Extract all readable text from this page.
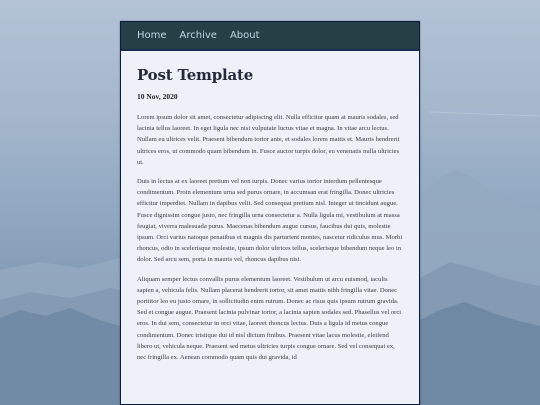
Home Archive About
Post Template
10 Nov, 2020

Lorem ipsum dolor sit amet, consectetur adipiscing elit. Nulla efficitur quam at mauris sodales, sed lacinia tellus laoreet. In eget ligula nec nisi vulputate luctus vitae et magna. In vitae arcu lectus. Nullam eu ultrices velit. Praesent bibendum tortor ante, et sodales lorem mattis et. Mauris hendrerit ultrices eros, ut commodo quam bibendum in. Fusce auctor turpis dolor, eu venenatis nulla ultricies ut.

Duis in lectus at ex laoreet pretium vel non turpis. Donec varius tortor interdum pellentesque condimentum. Proin elementum urna sed purus ornare, in accumsan erat fringilla. Donec ultricies efficitur imperdiet. Nullam in dapibus velit. Sed consequat pretium nisl. Integer ut tincidunt augue. Fusce dignissim congue justo, nec fringilla urna consectetur a. Nulla ligula mi, vestibulum at massa feugiat, viverra malesuada purus. Maecenas bibendum augue cursus, faucibus dui quis, molestie ipsum. Orci varius natoque penatibus et magnis dis parturient montes, nascetur ridiculus mus. Morbi rhoncus, odio in scelerisque molestie, ipsum dolor ultrices tellus, scelerisque bibendum neque leo in dolor. Sed arcu sem, porta in mauris vel, rhoncus dapibus nisi.

Aliquam semper lectus convallis purus elementum laoreet. Vestibulum ut arcu euismod, iaculis sapien a, vehicula felis. Nullam placerat hendrerit tortor, sit amet mattis nibh fringilla vitae. Donec porttitor leo eu justo ornare, in sollicitudin enim rutrum. Donec ac risus quis ipsum rutrum gravida. Sed et congue augue. Praesent lacinia pulvinar tortor, a lacinia sapien sodales sed. Phasellus vel orci eros. In dui sem, consectetur in orci vitae, laoreet rhoncus lectus. Duis a ligula id metus congue condimentum. Donec tristique dui id nisl dictum finibus. Praesent vitae lacus molestie, eleifend libero ut, vehicula neque. Praesent sed metus ultricies turpis congue ornare. Sed vel consequat ex, nec fringilla ex. Aenean commodo quam quis dui gravida, id
